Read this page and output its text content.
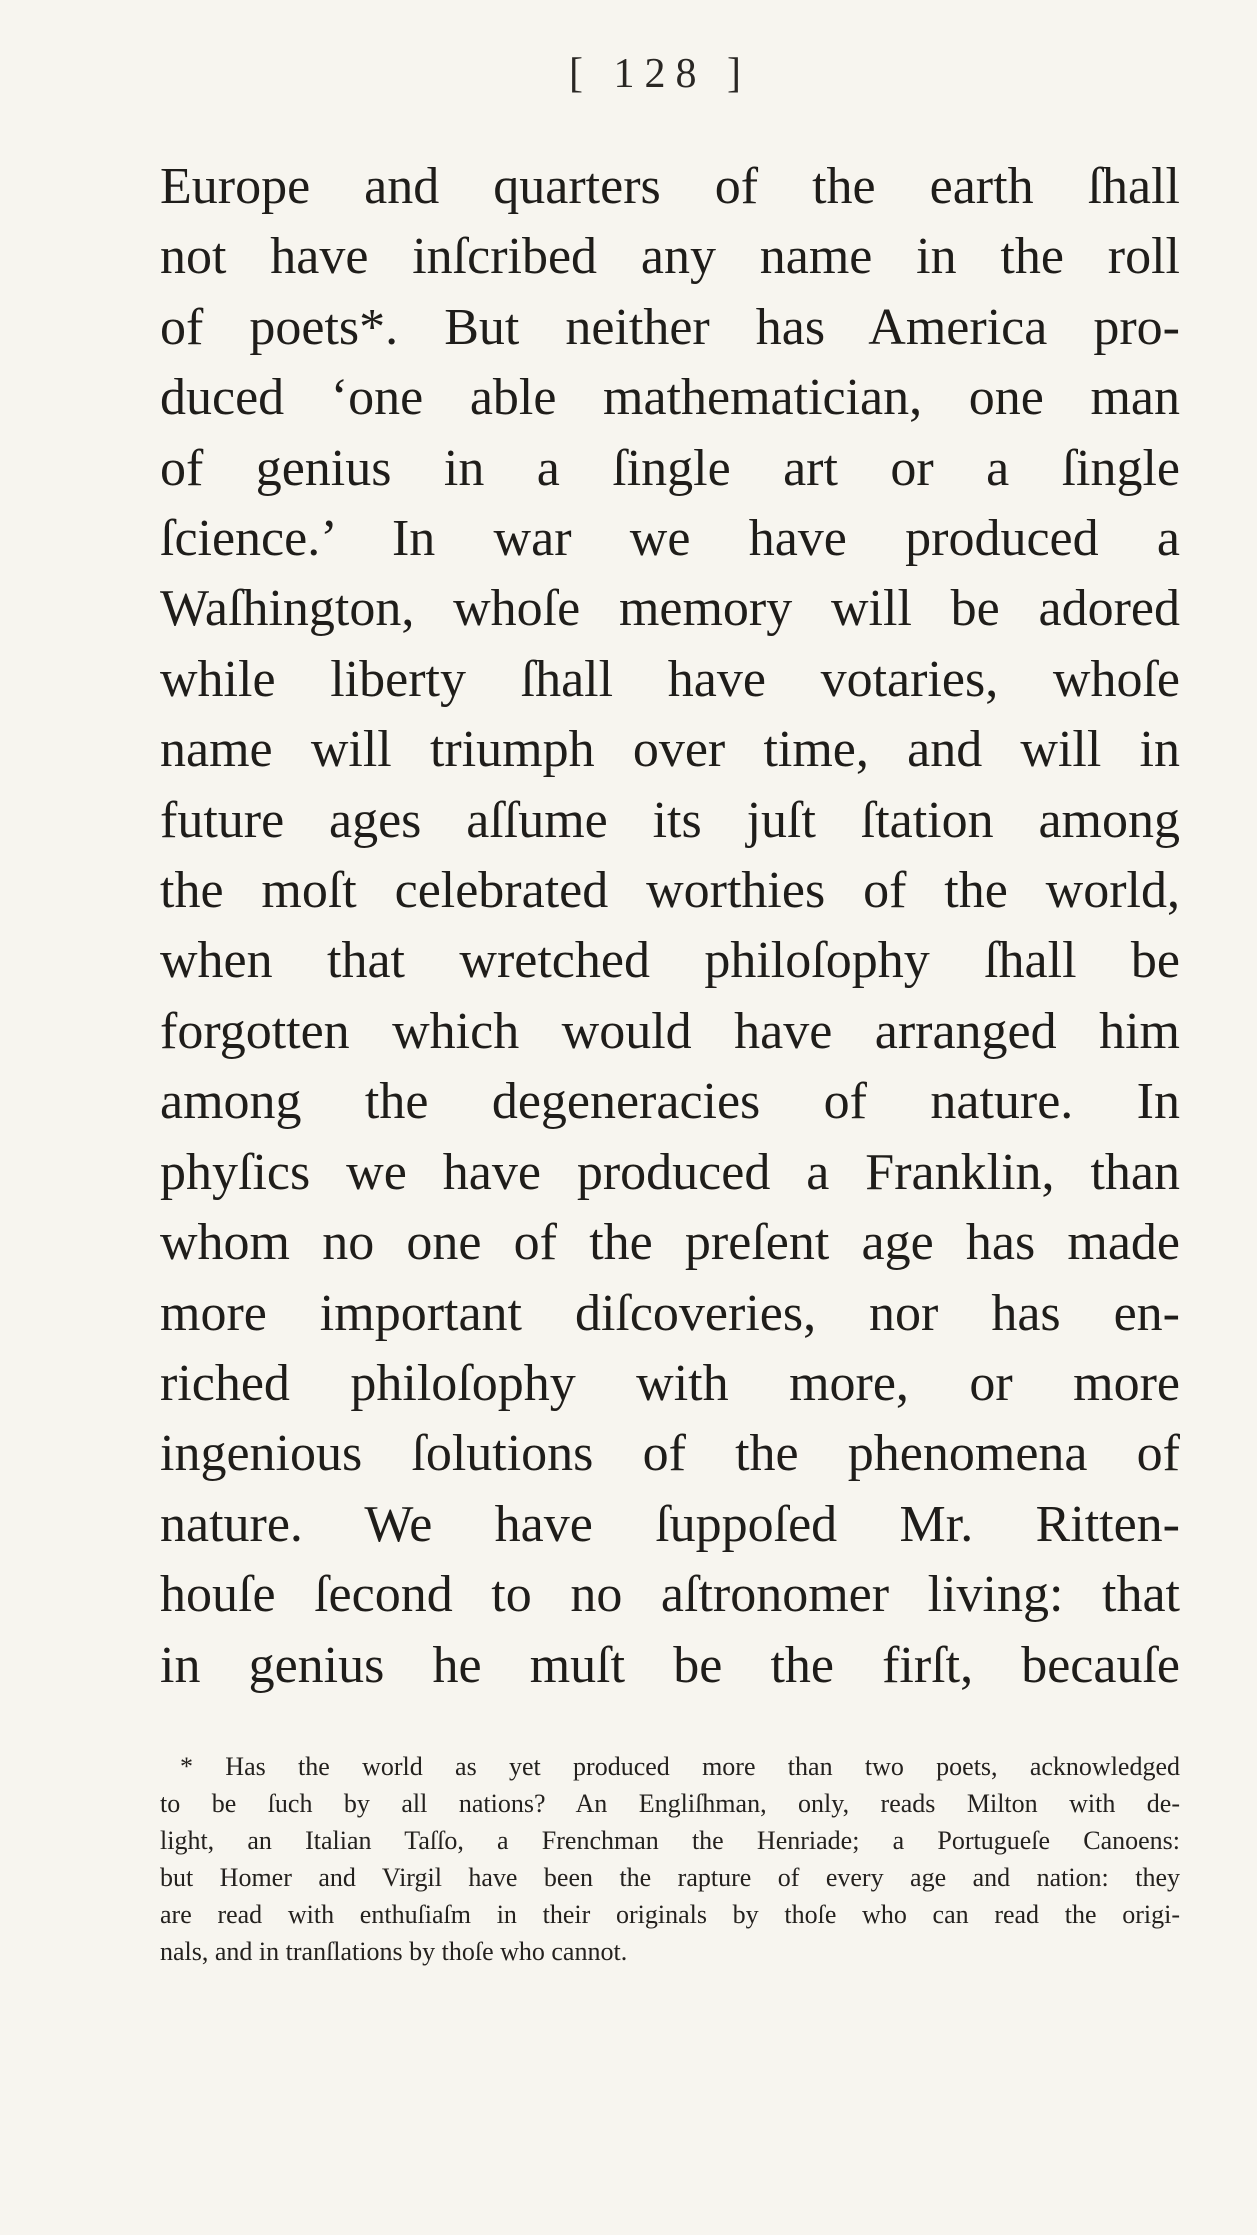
[ 128 ]
Europe and quarters of the earth ſhall
not have inſcribed any name in the roll
of poets*. But neither has America pro-
duced ‘one able mathematician, one man
of genius in a ſingle art or a ſingle
ſcience.’ In war we have produced a
Waſhington, whoſe memory will be adored
while liberty ſhall have votaries, whoſe
name will triumph over time, and will in
future ages aſſume its juſt ſtation among
the moſt celebrated worthies of the world,
when that wretched philoſophy ſhall be
forgotten which would have arranged him
among the degeneracies of nature. In
phyſics we have produced a Franklin, than
whom no one of the preſent age has made
more important diſcoveries, nor has en-
riched philoſophy with more, or more
ingenious ſolutions of the phenomena of
nature. We have ſuppoſed Mr. Ritten-
houſe ſecond to no aſtronomer living: that
in genius he muſt be the firſt, becauſe
* Has the world as yet produced more than two poets, acknowledged
to be ſuch by all nations? An Engliſhman, only, reads Milton with de-
light, an Italian Taſſo, a Frenchman the Henriade; a Portugueſe Canoens:
but Homer and Virgil have been the rapture of every age and nation: they
are read with enthuſiaſm in their originals by thoſe who can read the origi-
nals, and in tranſlations by thoſe who cannot.
